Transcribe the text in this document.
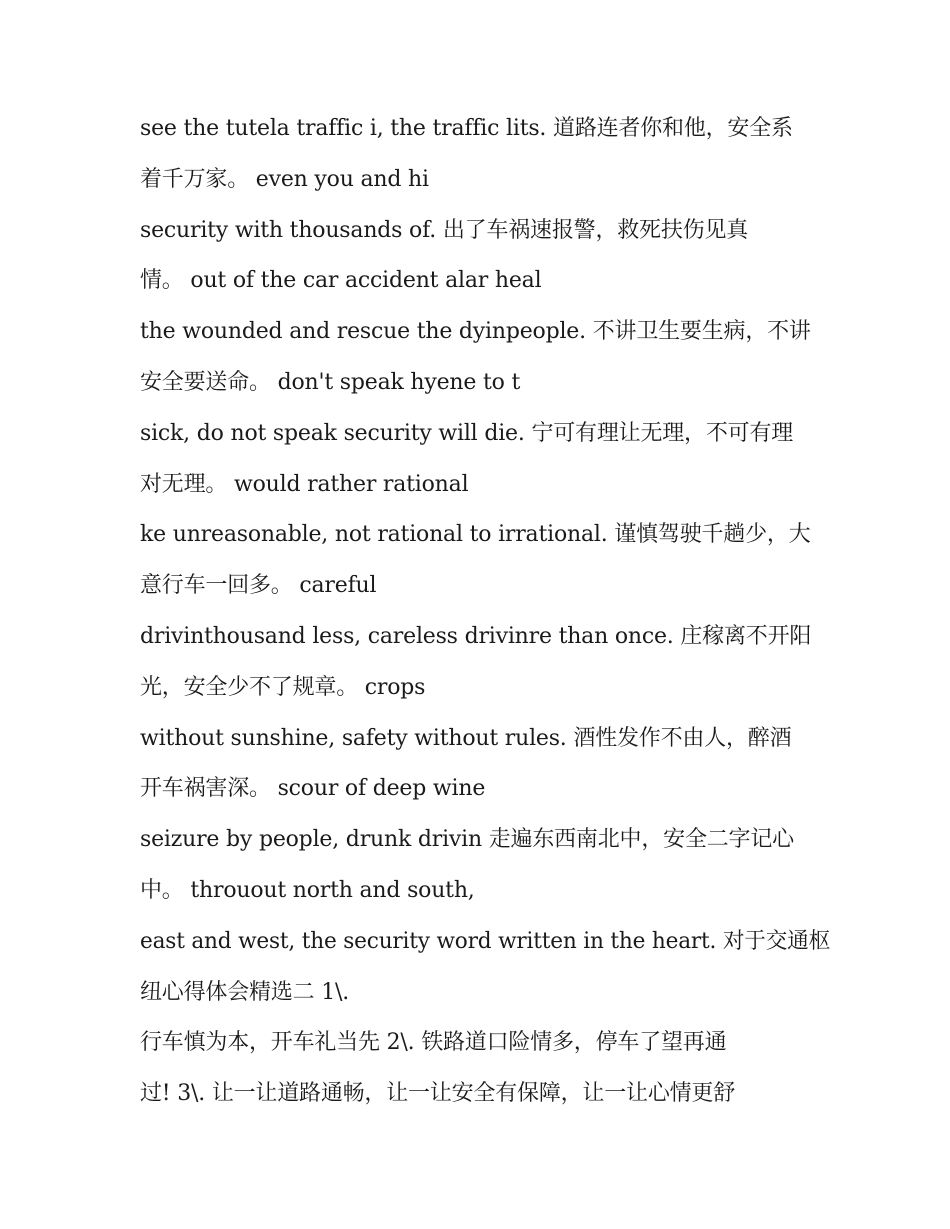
see the tutela traffic i, the traffic lits. 道路连者你和他，安全系
着千万家。 even you and hi
security with thousands of. 出了车祸速报警，救死扶伤见真
情。 out of the car accident alar heal
the wounded and rescue the dyinpeople. 不讲卫生要生病，不讲
安全要送命。 don't speak hyene to t
sick, do not speak security will die. 宁可有理让无理，不可有理
对无理。 would rather rational
ke unreasonable, not rational to irrational. 谨慎驾驶千趟少，大
意行车一回多。 careful
drivinthousand less, careless drivinre than once. 庄稼离不开阳
光，安全少不了规章。 crops
without sunshine, safety without rules. 酒性发作不由人，醉酒
开车祸害深。 scour of deep wine
seizure by people, drunk drivin 走遍东西南北中，安全二字记心
中。 throuout north and south,
east and west, the security word written in the heart. 对于交通枢
纽心得体会精选二 1\.
行车慎为本，开车礼当先 2\. 铁路道口险情多，停车了望再通
过! 3\. 让一让道路通畅，让一让安全有保障，让一让心情更舒
